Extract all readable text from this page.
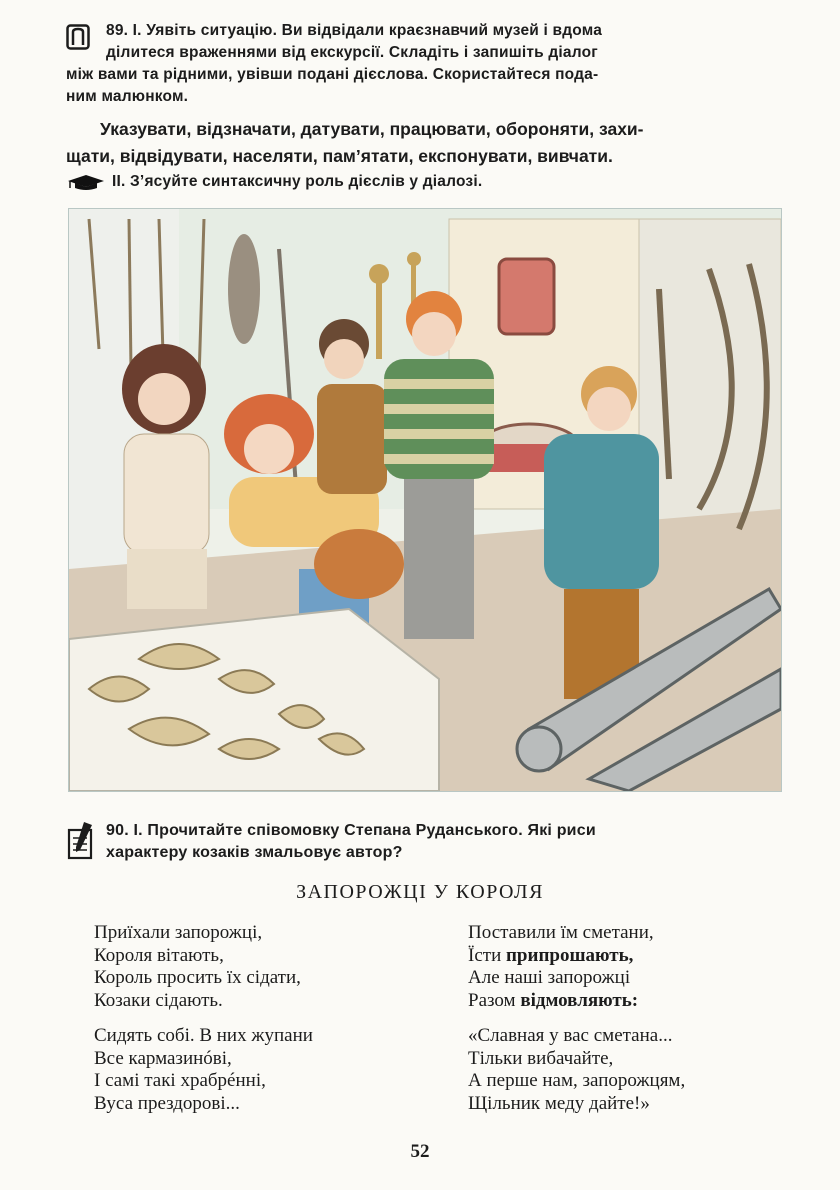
89. I. Уявіть ситуацію. Ви відвідали краєзнавчий музей і вдома

ділитеся враженнями від екскурсії. Складіть і запишіть діалог

між вами та рідними, увівши подані дієслова. Скористайтеся пода-

ним малюнком.

Указувати, відзначати, датувати, працювати, обороняти, захи-
щати, відвідувати, населяти, пам’ятати, експонувати, вивчати.
II. З’ясуйте синтаксичну роль дієслів у діалозі.

90. I. Прочитайте співомовку Степана Руданського. Які риси

характеру козаків змальовує автор?

ЗАПОРОЖЦІ У КОРОЛЯ
Приїхали запорожці,
Короля вітають,
Король просить їх сідати,
Козаки сідають.
Сидять собі. В них жупани
Все кармазинóві,
І самі такі храбрéнні,
Вуса прездорові...
Поставили їм сметани,
Їсти припрошають,
Але наші запорожці
Разом відмовляють:
«Славная у вас сметана...
Тільки вибачайте,
А перше нам, запорожцям,
Щільник меду дайте!»
52
